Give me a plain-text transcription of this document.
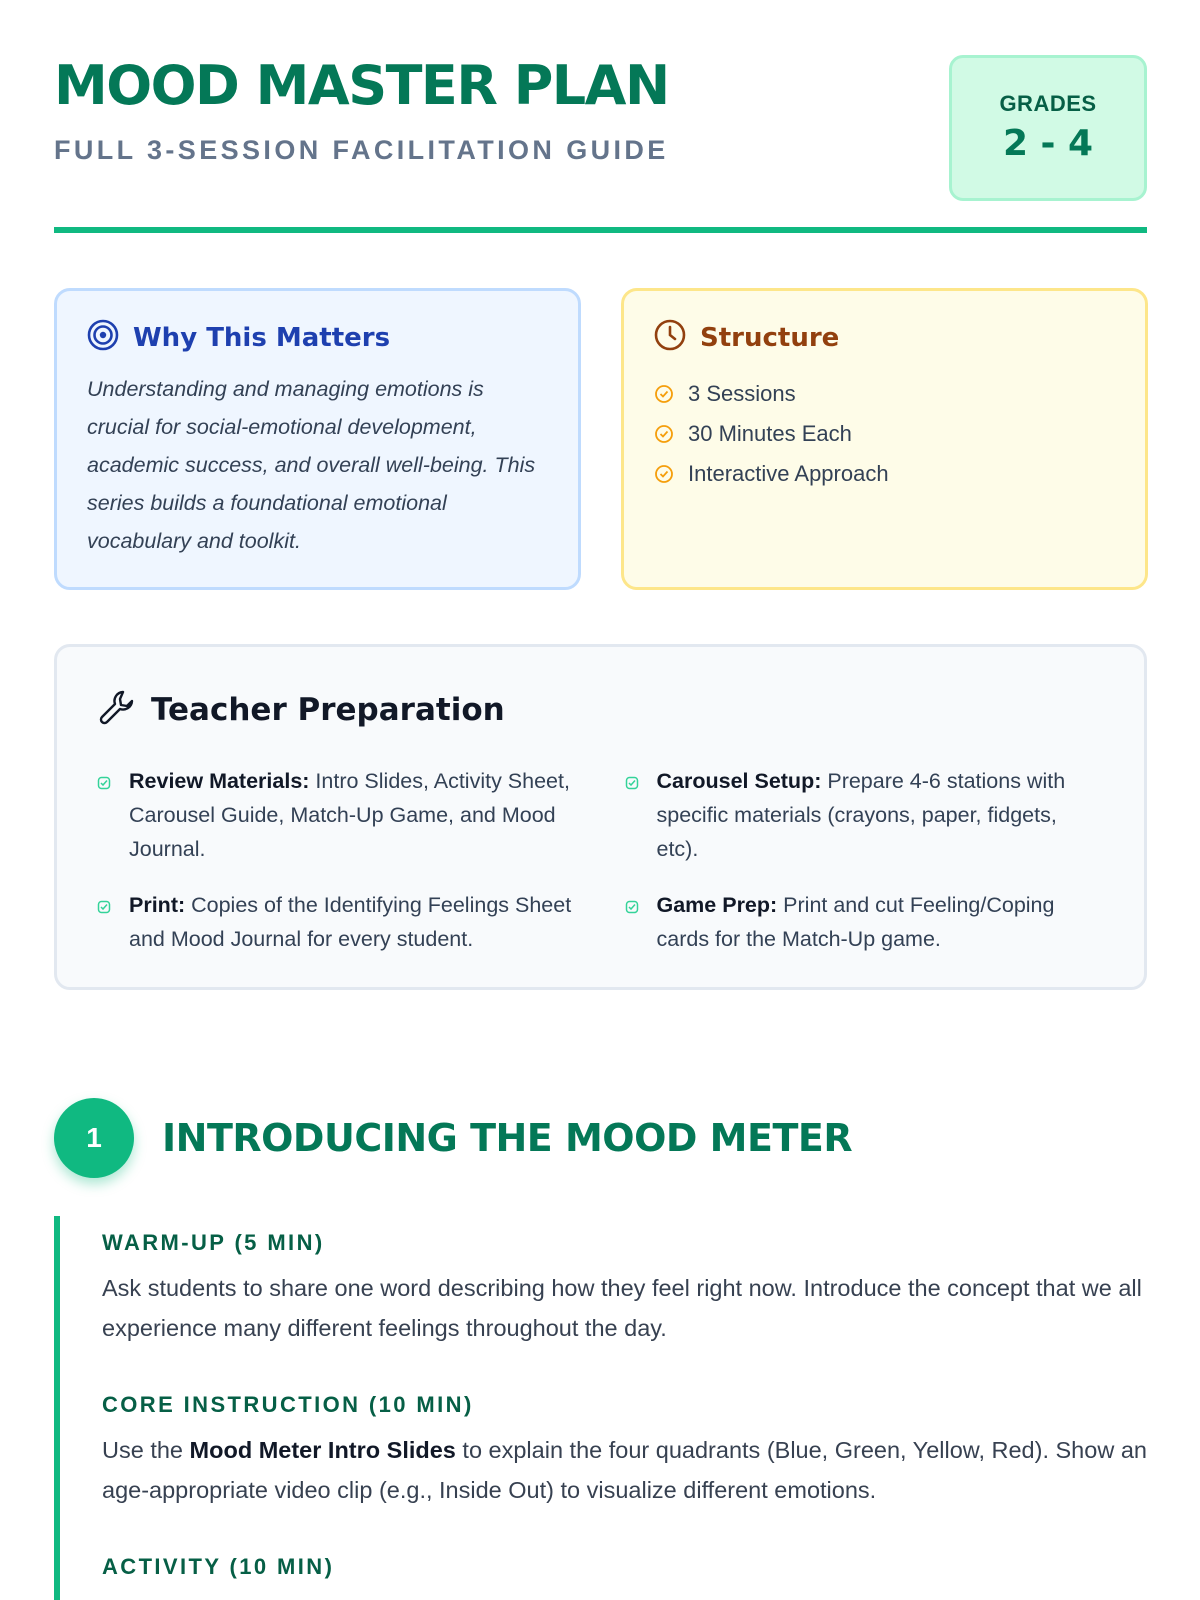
MOOD MASTER PLAN
FULL 3-SESSION FACILITATION GUIDE
GRADES
2 - 4
Why This Matters

Understanding and managing emotions is crucial for social-emotional development, academic success, and overall well-being. This series builds a foundational emotional vocabulary and toolkit.

Structure
3 Sessions
30 Minutes Each
Interactive Approach
Teacher Preparation
Review Materials: Intro Slides, Activity Sheet, Carousel Guide, Match-Up Game, and Mood Journal.
Carousel Setup: Prepare 4-6 stations with specific materials (crayons, paper, fidgets, etc).
Print: Copies of the Identifying Feelings Sheet and Mood Journal for every student.
Game Prep: Print and cut Feeling/Coping cards for the Match-Up game.
1	INTRODUCING THE MOOD METER
WARM-UP (5 MIN)

Ask students to share one word describing how they feel right now. Introduce the concept that we all experience many different feelings throughout the day.

CORE INSTRUCTION (10 MIN)

Use the Mood Meter Intro Slides to explain the four quadrants (Blue, Green, Yellow, Red). Show an age-appropriate video clip (e.g., Inside Out) to visualize different emotions.

ACTIVITY (10 MIN)
